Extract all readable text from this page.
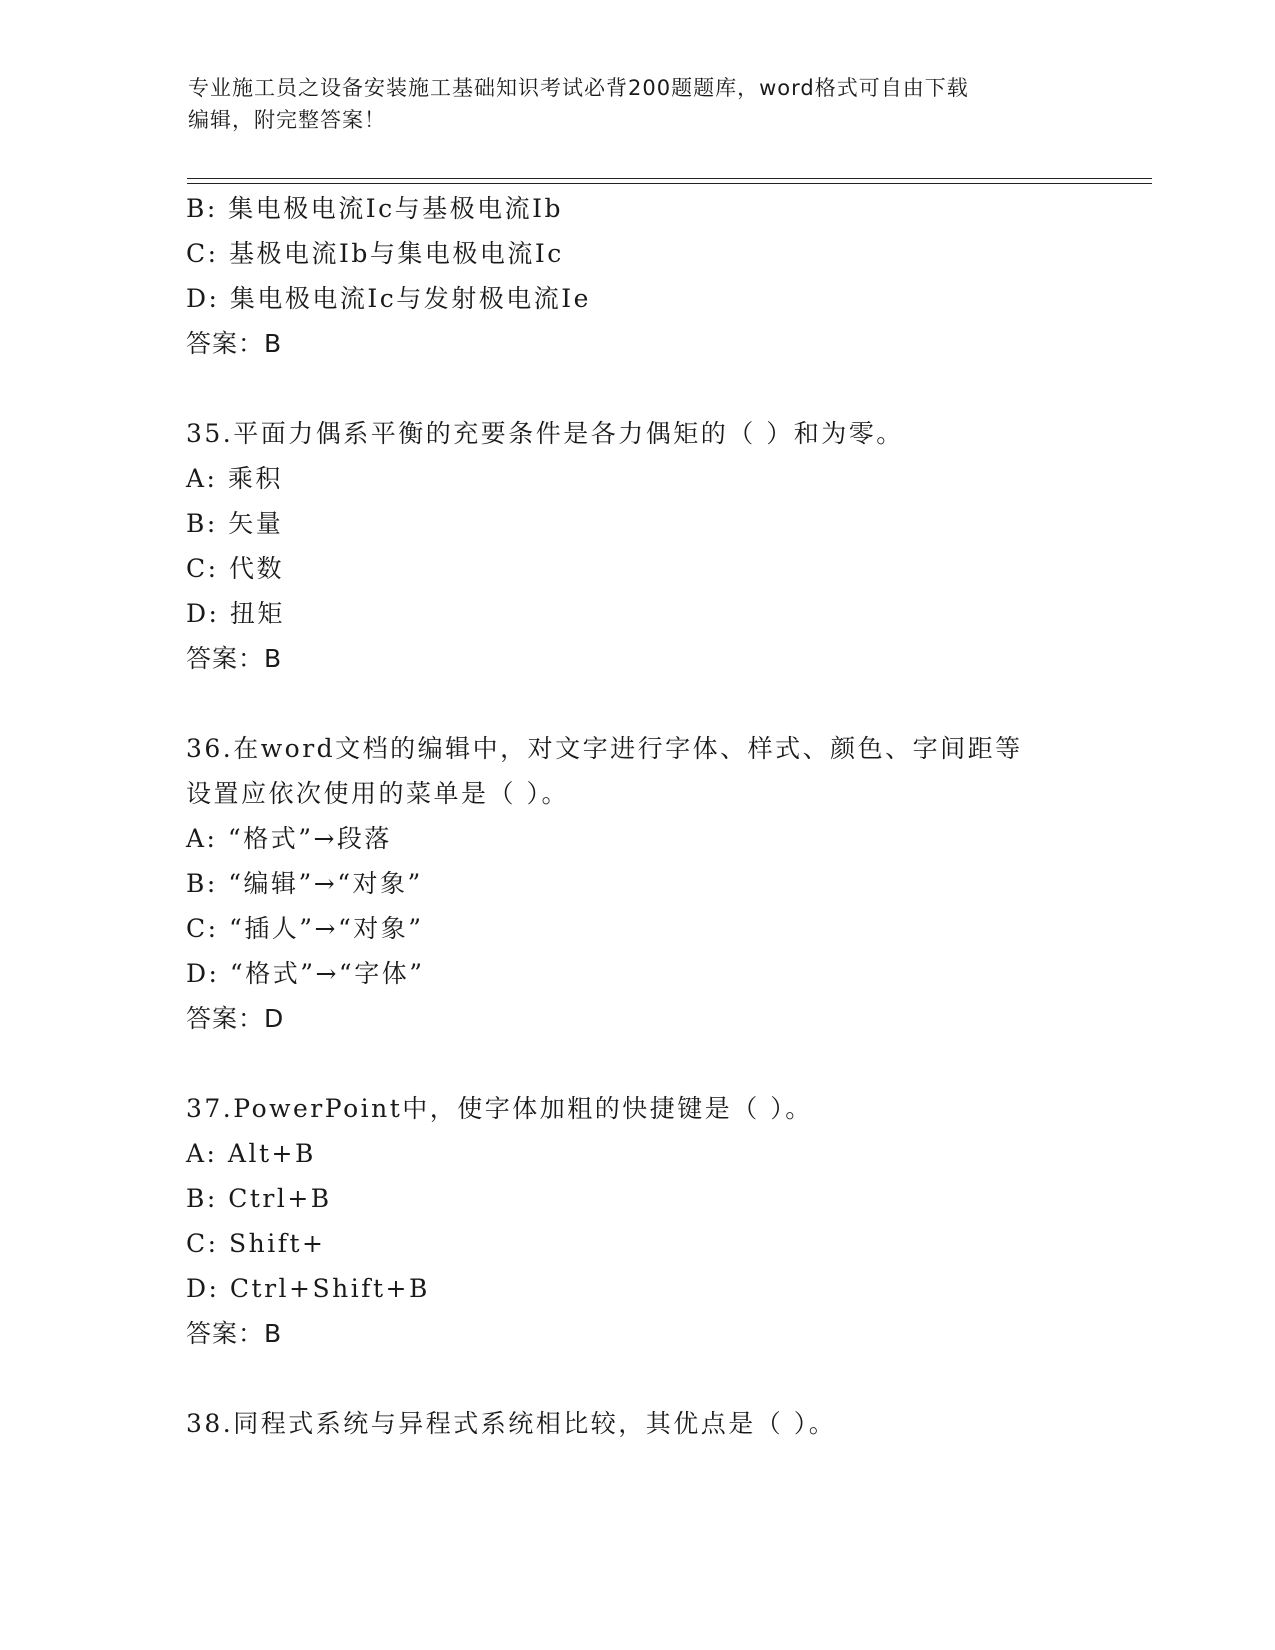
专业施工员之设备安装施工基础知识考试必背200题题库，word格式可自由下载
编辑，附完整答案！
B: 集电极电流Ic与基极电流Ib
C: 基极电流Ib与集电极电流Ic
D: 集电极电流Ic与发射极电流Ie
答案：B
35.平面力偶系平衡的充要条件是各力偶矩的（ ）和为零。
A: 乘积
B: 矢量
C: 代数
D: 扭矩
答案：B
36.在word文档的编辑中，对文字进行字体、样式、颜色、字间距等
设置应依次使用的菜单是（ ）。
A: “格式”→段落
B: “编辑”→“对象”
C: “插人”→“对象”
D: “格式”→“字体”
答案：D
37.PowerPoint中，使字体加粗的快捷键是（ ）。
A: Alt+B
B: Ctrl+B
C: Shift+
D: Ctrl+Shift+B
答案：B
38.同程式系统与异程式系统相比较，其优点是（ ）。
